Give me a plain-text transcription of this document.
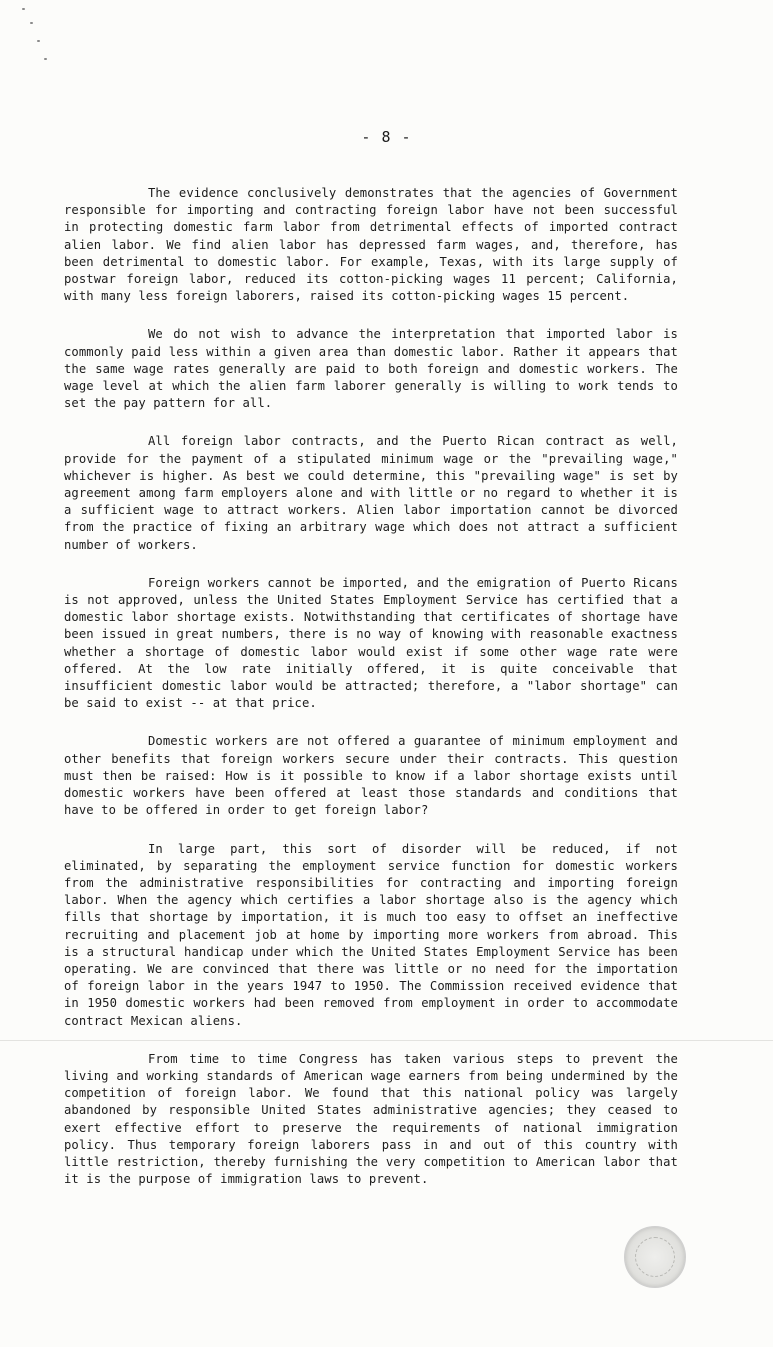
- 8 -

The evidence conclusively demonstrates that the agencies of Government responsible for importing and contracting foreign labor have not been successful in protecting domestic farm labor from detrimental effects of imported contract alien labor. We find alien labor has depressed farm wages, and, therefore, has been detrimental to domestic labor. For example, Texas, with its large supply of postwar foreign labor, reduced its cotton-picking wages 11 percent; California, with many less foreign laborers, raised its cotton-picking wages 15 percent.

We do not wish to advance the interpretation that imported labor is commonly paid less within a given area than domestic labor. Rather it appears that the same wage rates generally are paid to both foreign and domestic workers. The wage level at which the alien farm laborer generally is willing to work tends to set the pay pattern for all.

All foreign labor contracts, and the Puerto Rican contract as well, provide for the payment of a stipulated minimum wage or the "prevailing wage," whichever is higher. As best we could determine, this "prevailing wage" is set by agreement among farm employers alone and with little or no regard to whether it is a sufficient wage to attract workers. Alien labor importation cannot be divorced from the practice of fixing an arbitrary wage which does not attract a sufficient number of workers.

Foreign workers cannot be imported, and the emigration of Puerto Ricans is not approved, unless the United States Employment Service has certified that a domestic labor shortage exists. Notwithstanding that certificates of shortage have been issued in great numbers, there is no way of knowing with reasonable exactness whether a shortage of domestic labor would exist if some other wage rate were offered. At the low rate initially offered, it is quite conceivable that insufficient domestic labor would be attracted; therefore, a "labor shortage" can be said to exist -- at that price.

Domestic workers are not offered a guarantee of minimum employment and other benefits that foreign workers secure under their contracts. This question must then be raised: How is it possible to know if a labor shortage exists until domestic workers have been offered at least those standards and conditions that have to be offered in order to get foreign labor?

In large part, this sort of disorder will be reduced, if not eliminated, by separating the employment service function for domestic workers from the administrative responsibilities for contracting and importing foreign labor. When the agency which certifies a labor shortage also is the agency which fills that shortage by importation, it is much too easy to offset an ineffective recruiting and placement job at home by importing more workers from abroad. This is a structural handicap under which the United States Employment Service has been operating. We are convinced that there was little or no need for the importation of foreign labor in the years 1947 to 1950. The Commission received evidence that in 1950 domestic workers had been removed from employment in order to accommodate contract Mexican aliens.

From time to time Congress has taken various steps to prevent the living and working standards of American wage earners from being undermined by the competition of foreign labor. We found that this national policy was largely abandoned by responsible United States administrative agencies; they ceased to exert effective effort to preserve the requirements of national immigration policy. Thus temporary foreign laborers pass in and out of this country with little restriction, thereby furnishing the very competition to American labor that it is the purpose of immigration laws to prevent.
